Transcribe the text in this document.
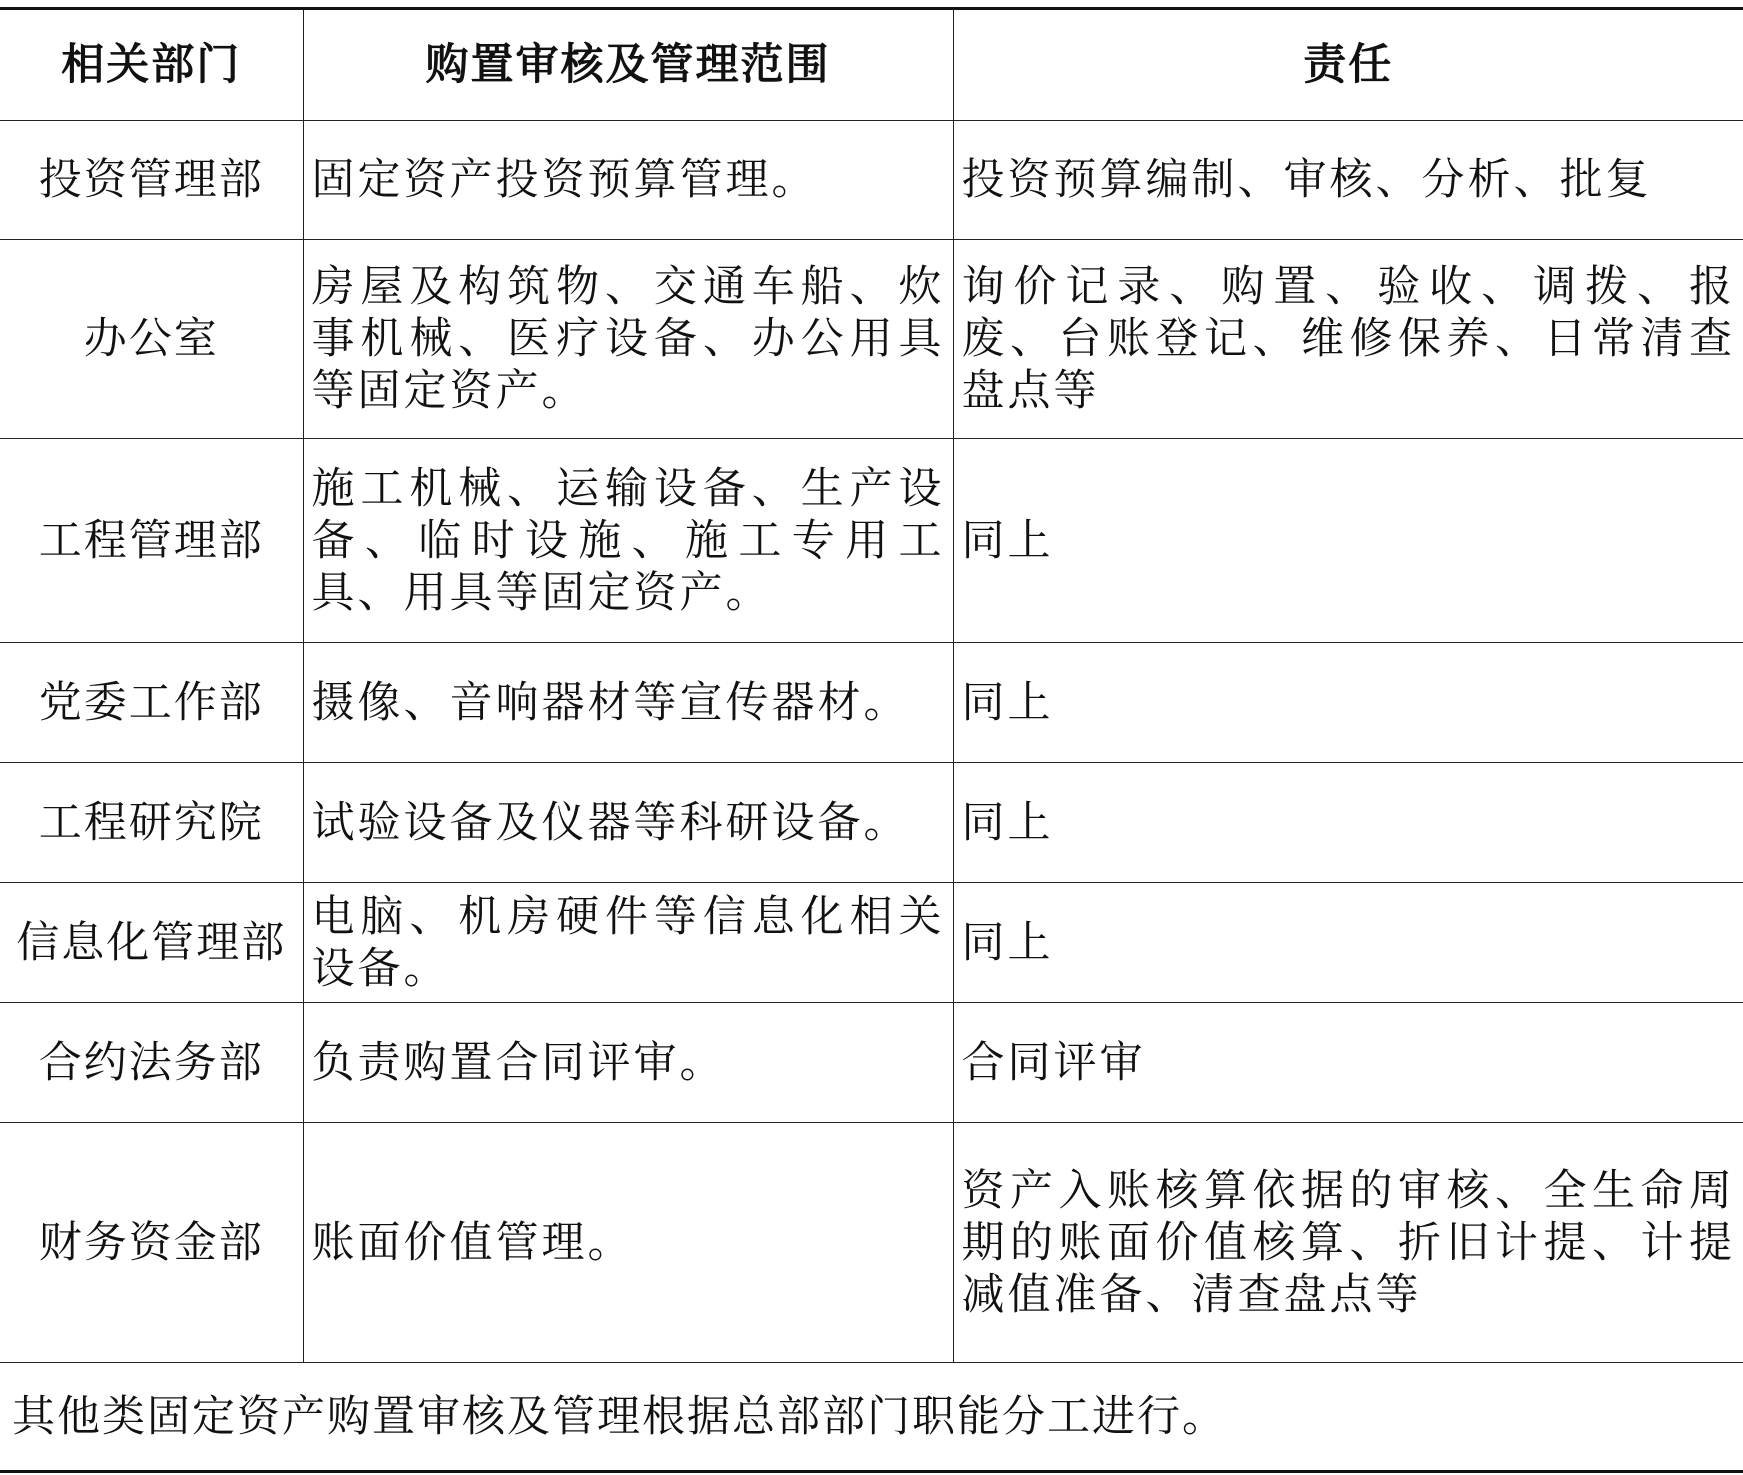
相关部门	购置审核及管理范围	责任
投资管理部	固定资产投资预算管理。	投资预算编制、审核、分析、批复
办公室	房屋及构筑物、交通车船、炊事机械、医疗设备、办公用具等固定资产。	询价记录、购置、验收、调拨、报废、台账登记、维修保养、日常清查盘点等
工程管理部	施工机械、运输设备、生产设备、临时设施、施工专用工具、用具等固定资产。	同上
党委工作部	摄像、音响器材等宣传器材。	同上
工程研究院	试验设备及仪器等科研设备。	同上
信息化管理部	电脑、机房硬件等信息化相关设备。	同上
合约法务部	负责购置合同评审。	合同评审
财务资金部	账面价值管理。	资产入账核算依据的审核、全生命周期的账面价值核算、折旧计提、计提减值准备、清查盘点等
其他类固定资产购置审核及管理根据总部部门职能分工进行。		
